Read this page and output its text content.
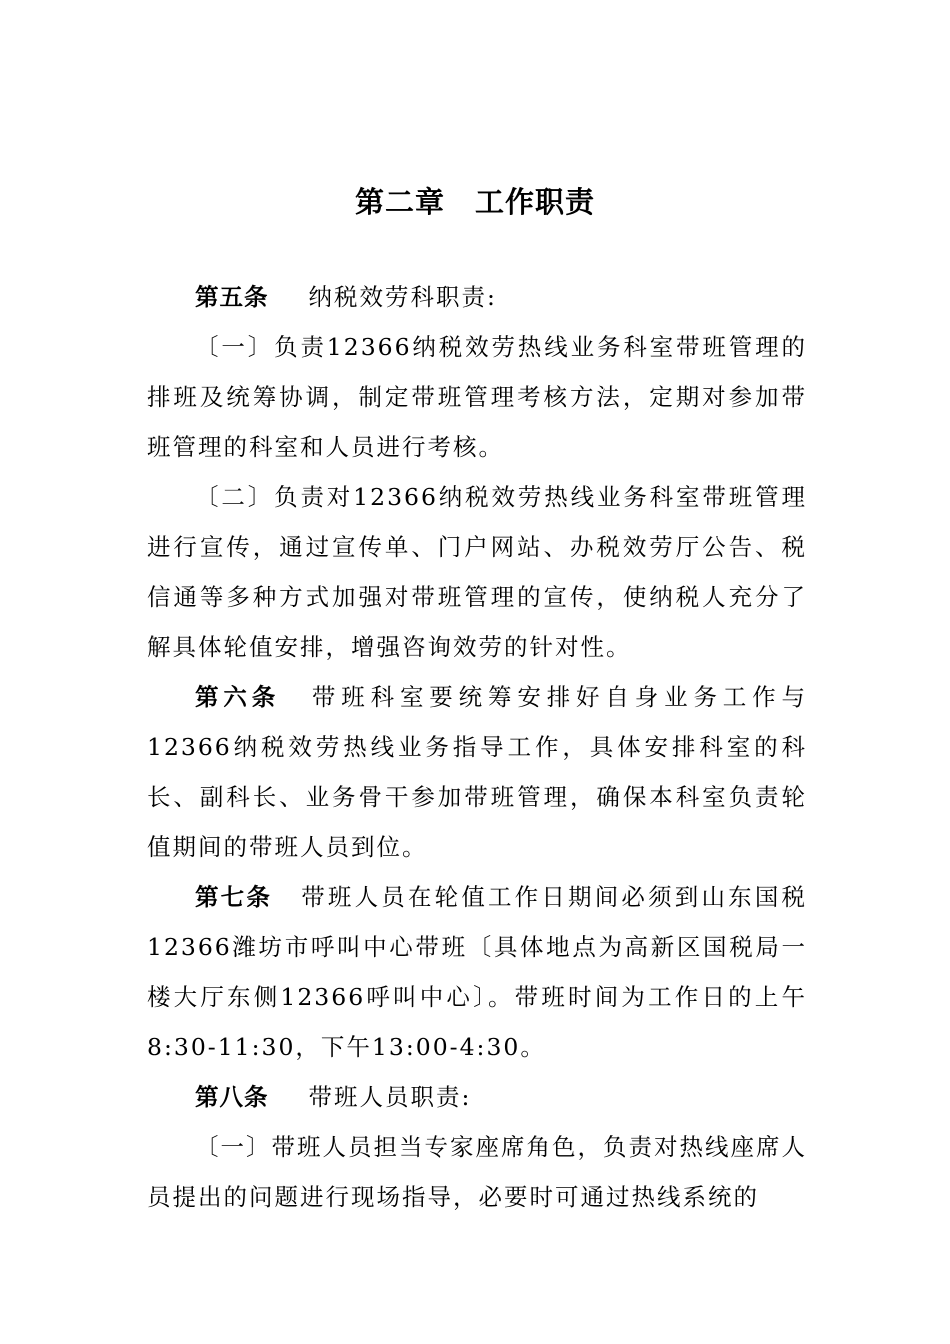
第二章　工作职责

第五条 纳税效劳科职责:

〔一〕负责12366纳税效劳热线业务科室带班管理的排班及统筹协调，制定带班管理考核方法，定期对参加带班管理的科室和人员进行考核。

〔二〕负责对12366纳税效劳热线业务科室带班管理进行宣传，通过宣传单、门户网站、办税效劳厅公告、税信通等多种方式加强对带班管理的宣传，使纳税人充分了解具体轮值安排，增强咨询效劳的针对性。

第六条 带班科室要统筹安排好自身业务工作与12366纳税效劳热线业务指导工作，具体安排科室的科长、副科长、业务骨干参加带班管理，确保本科室负责轮值期间的带班人员到位。

第七条 带班人员在轮值工作日期间必须到山东国税12366潍坊市呼叫中心带班〔具体地点为高新区国税局一楼大厅东侧12366呼叫中心〕。带班时间为工作日的上午8:30-11:30，下午13:00-4:30。

第八条 带班人员职责:

〔一〕带班人员担当专家座席角色，负责对热线座席人员提出的问题进行现场指导，必要时可通过热线系统的
